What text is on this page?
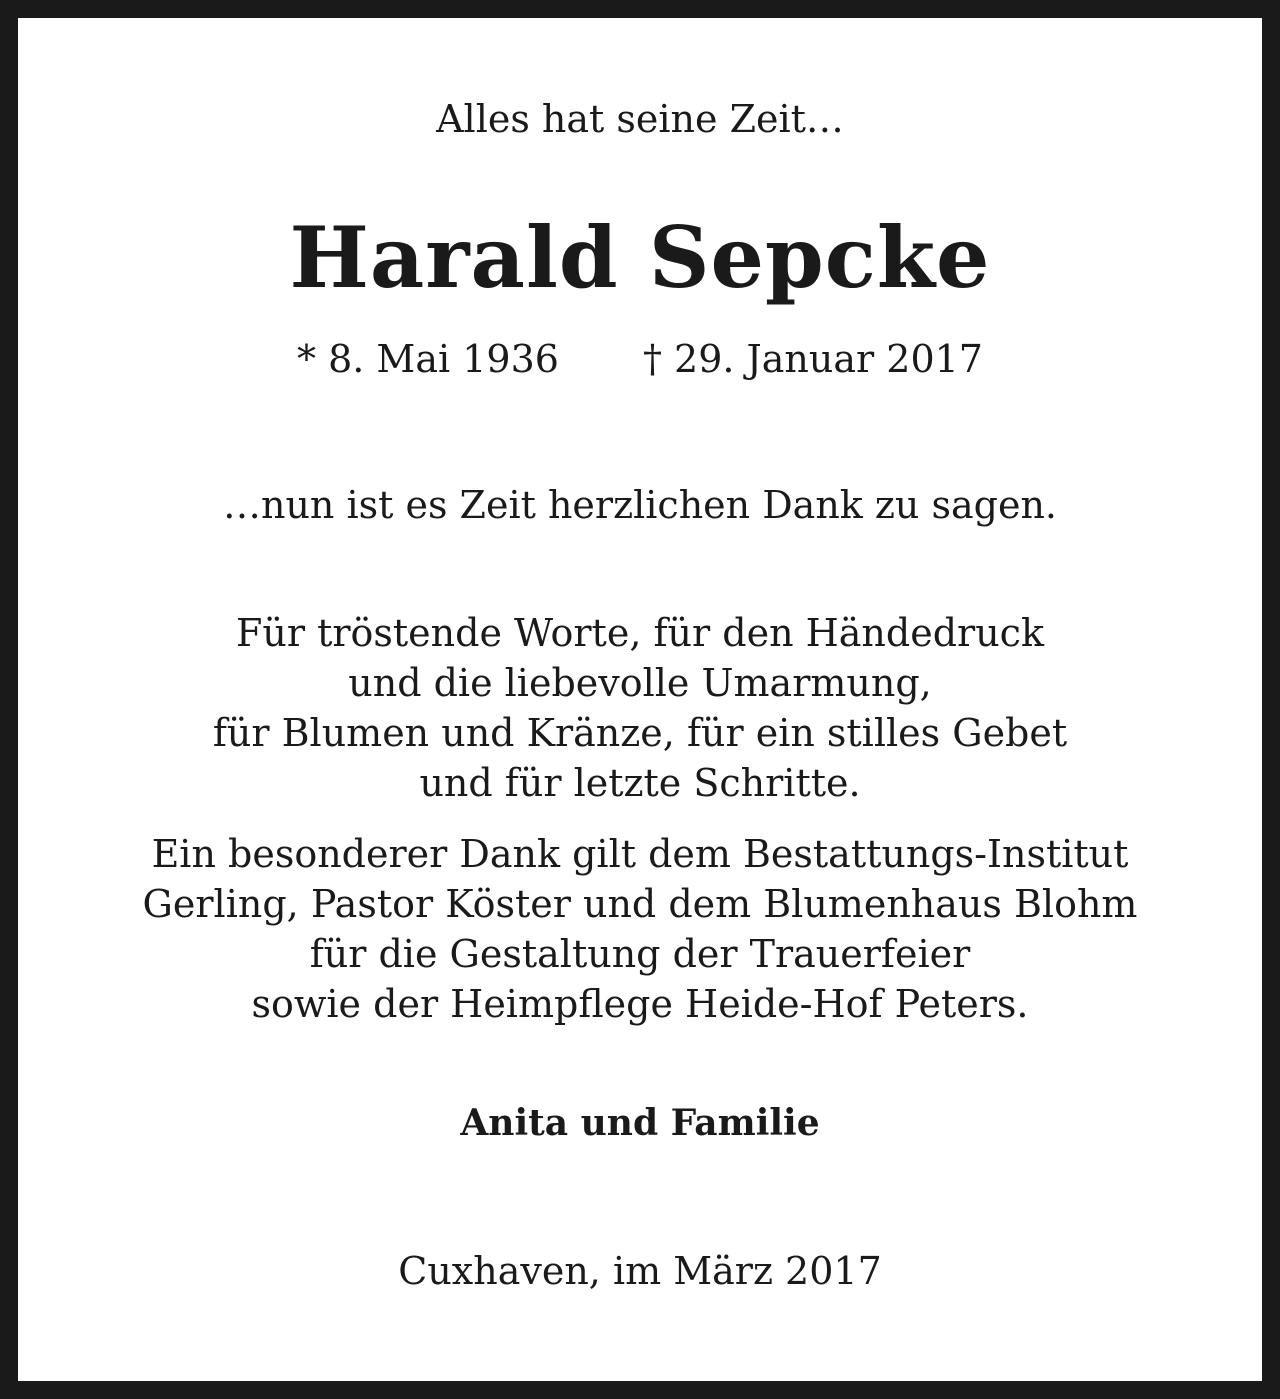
Alles hat seine Zeit…
Harald Sepcke
* 8. Mai 1936 † 29. Januar 2017
…nun ist es Zeit herzlichen Dank zu sagen.
Für tröstende Worte, für den Händedruck
und die liebevolle Umarmung,
für Blumen und Kränze, für ein stilles Gebet
und für letzte Schritte.
Ein besonderer Dank gilt dem Bestattungs-Institut
Gerling, Pastor Köster und dem Blumenhaus Blohm
für die Gestaltung der Trauerfeier
sowie der Heimpflege Heide-Hof Peters.
Anita und Familie
Cuxhaven, im März 2017
